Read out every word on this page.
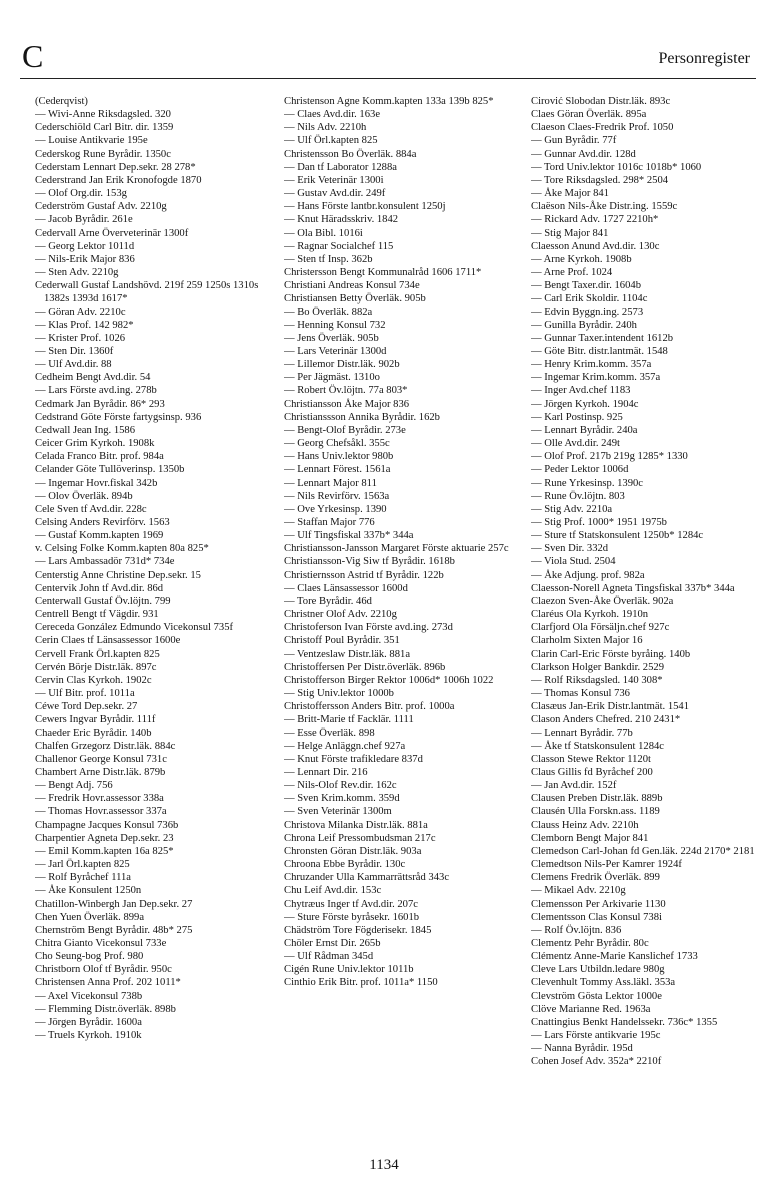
C	Personregister
(Cederqvist)
— Wivi-Anne Riksdagsled. 320
Cederschiöld Carl Bitr. dir. 1359
— Louise Antikvarie 195e
Cederskog Rune Byrådir. 1350c
Cederstam Lennart Dep.sekr. 28 278*
Cederstrand Jan Erik Kronofogde 1870
— Olof Org.dir. 153g
Cederström Gustaf Adv. 2210g
— Jacob Byrådir. 261e
Cedervall Arne Överveterinär 1300f
— Georg Lektor 1011d
— Nils-Erik Major 836
— Sten Adv. 2210g
Cederwall Gustaf Landshövd. 219f 259 1250s 1310s 1382s 1393d 1617*
— Göran Adv. 2210c
— Klas Prof. 142 982*
— Krister Prof. 1026
— Sten Dir. 1360f
— Ulf Avd.dir. 88
Cedheim Bengt Avd.dir. 54
— Lars Förste avd.ing. 278b
Cedmark Jan Byrådir. 86* 293
Cedstrand Göte Förste fartygsinsp. 936
Cedwall Jean Ing. 1586
Ceicer Grim Kyrkoh. 1908k
Celada Franco Bitr. prof. 984a
Celander Göte Tullöverinsp. 1350b
— Ingemar Hovr.fiskal 342b
— Olov Överläk. 894b
Cele Sven tf Avd.dir. 228c
Celsing Anders Revirförv. 1563
— Gustaf Komm.kapten 1969
v. Celsing Folke Komm.kapten 80a 825*
— Lars Ambassadör 731d* 734e
Centerstig Anne Christine Dep.sekr. 15
Centervik John tf Avd.dir. 86d
Centerwall Gustaf Öv.löjtn. 799
Centrell Bengt tf Vägdir. 931
Cereceda González Edmundo Vicekonsul 735f
Cerin Claes tf Länsassessor 1600e
Cervell Frank Örl.kapten 825
Cervén Börje Distr.läk. 897c
Cervin Clas Kyrkoh. 1902c
— Ulf Bitr. prof. 1011a
Céwe Tord Dep.sekr. 27
Cewers Ingvar Byrådir. 111f
Chaeder Eric Byrådir. 140b
Chalfen Grzegorz Distr.läk. 884c
Challenor George Konsul 731c
Chambert Arne Distr.läk. 879b
— Bengt Adj. 756
— Fredrik Hovr.assessor 338a
— Thomas Hovr.assessor 337a
Champagne Jacques Konsul 736b
Charpentier Agneta Dep.sekr. 23
— Emil Komm.kapten 16a 825*
— Jarl Örl.kapten 825
— Rolf Byråchef 111a
— Åke Konsulent 1250n
Chatillon-Winbergh Jan Dep.sekr. 27
Chen Yuen Överläk. 899a
Chernström Bengt Byrådir. 48b* 275
Chitra Gianto Vicekonsul 733e
Cho Seung-bog Prof. 980
Christborn Olof tf Byrådir. 950c
Christensen Anna Prof. 202 1011*
— Axel Vicekonsul 738b
— Flemming Distr.överläk. 898b
— Jörgen Byrådir. 1600a
— Truels Kyrkoh. 1910k
Christenson Agne Komm.kapten 133a 139b 825*
— Claes Avd.dir. 163e
— Nils Adv. 2210h
— Ulf Örl.kapten 825
Christensson Bo Överläk. 884a
— Dan tf Laborator 1288a
— Erik Veterinär 1300i
— Gustav Avd.dir. 249f
— Hans Förste lantbr.konsulent 1250j
— Knut Häradsskriv. 1842
— Ola Bibl. 1016i
— Ragnar Socialchef 115
— Sten tf Insp. 362b
Christersson Bengt Kommunalråd 1606 1711*
Christiani Andreas Konsul 734e
Christiansen Betty Överläk. 905b
— Bo Överläk. 882a
— Henning Konsul 732
— Jens Överläk. 905b
— Lars Veterinär 1300d
— Lillemor Distr.läk. 902b
— Per Jägmäst. 1310o
— Robert Öv.löjtn. 77a 803*
Christiansson Åke Major 836
Christianssson Annika Byrådir. 162b
— Bengt-Olof Byrådir. 273e
— Georg Chefsåkl. 355c
— Hans Univ.lektor 980b
— Lennart Förest. 1561a
— Lennart Major 811
— Nils Revirförv. 1563a
— Ove Yrkesinsp. 1390
— Staffan Major 776
— Ulf Tingsfiskal 337b* 344a
Christiansson-Jansson Margaret Förste aktuarie 257c
Christiansson-Vig Siw tf Byrådir. 1618b
Christiernsson Astrid tf Byrådir. 122b
— Claes Länsassessor 1600d
— Tore Byrådir. 46d
Christner Olof Adv. 2210g
Christoferson Ivan Förste avd.ing. 273d
Christoff Poul Byrådir. 351
— Ventzeslaw Distr.läk. 881a
Christoffersen Per Distr.överläk. 896b
Christofferson Birger Rektor 1006d* 1006h 1022
— Stig Univ.lektor 1000b
Christoffersson Anders Bitr. prof. 1000a
— Britt-Marie tf Facklär. 1111
— Esse Överläk. 898
— Helge Anläggn.chef 927a
— Knut Förste trafikledare 837d
— Lennart Dir. 216
— Nils-Olof Rev.dir. 162c
— Sven Krim.komm. 359d
— Sven Veterinär 1300m
Christova Milanka Distr.läk. 881a
Chrona Leif Pressombudsman 217c
Chronsten Göran Distr.läk. 903a
Chroona Ebbe Byrådir. 130c
Chruzander Ulla Kammarrättsråd 343c
Chu Leif Avd.dir. 153c
Chytræus Inger tf Avd.dir. 207c
— Sture Förste byråsekr. 1601b
Chädström Tore Fögderisekr. 1845
Chöler Ernst Dir. 265b
— Ulf Rådman 345d
Cigén Rune Univ.lektor 1011b
Cinthio Erik Bitr. prof. 1011a* 1150
Cirović Slobodan Distr.läk. 893c
Claes Göran Överläk. 895a
Claeson Claes-Fredrik Prof. 1050
— Gun Byrådir. 77f
— Gunnar Avd.dir. 128d
— Tord Univ.lektor 1016c 1018b* 1060
— Tore Riksdagsled. 298* 2504
— Åke Major 841
Claëson Nils-Åke Distr.ing. 1559c
— Rickard Adv. 1727 2210h*
— Stig Major 841
Claesson Anund Avd.dir. 130c
— Arne Kyrkoh. 1908b
— Arne Prof. 1024
— Bengt Taxer.dir. 1604b
— Carl Erik Skoldir. 1104c
— Edvin Byggn.ing. 2573
— Gunilla Byrådir. 240h
— Gunnar Taxer.intendent 1612b
— Göte Bitr. distr.lantmät. 1548
— Henry Krim.komm. 357a
— Ingemar Krim.komm. 357a
— Inger Avd.chef 1183
— Jörgen Kyrkoh. 1904c
— Karl Postinsp. 925
— Lennart Byrådir. 240a
— Olle Avd.dir. 249t
— Olof Prof. 217b 219g 1285* 1330
— Peder Lektor 1006d
— Rune Yrkesinsp. 1390c
— Rune Öv.löjtn. 803
— Stig Adv. 2210a
— Stig Prof. 1000* 1951 1975b
— Sture tf Statskonsulent 1250b* 1284c
— Sven Dir. 332d
— Viola Stud. 2504
— Åke Adjung. prof. 982a
Claesson-Norell Agneta Tingsfiskal 337b* 344a
Claezon Sven-Åke Överläk. 902a
Claréus Ola Kyrkoh. 1910n
Clarfjord Ola Försäljn.chef 927c
Clarholm Sixten Major 16
Clarin Carl-Eric Förste byråing. 140b
Clarkson Holger Bankdir. 2529
— Rolf Riksdagsled. 140 308*
— Thomas Konsul 736
Clasæus Jan-Erik Distr.lantmät. 1541
Clason Anders Chefred. 210 2431*
— Lennart Byrådir. 77b
— Åke tf Statskonsulent 1284c
Classon Stewe Rektor 1120t
Claus Gillis fd Byråchef 200
— Jan Avd.dir. 152f
Clausen Preben Distr.läk. 889b
Clausén Ulla Forskn.ass. 1189
Clauss Heinz Adv. 2210h
Clemborn Bengt Major 841
Clemedson Carl-Johan fd Gen.läk. 224d 2170* 2181
Clemedtson Nils-Per Kamrer 1924f
Clemens Fredrik Överläk. 899
— Mikael Adv. 2210g
Clemensson Per Arkivarie 1130
Clementsson Clas Konsul 738i
— Rolf Öv.löjtn. 836
Clementz Pehr Byrådir. 80c
Clémentz Anne-Marie Kanslichef 1733
Cleve Lars Utbildn.ledare 980g
Clevenhult Tommy Ass.läkl. 353a
Clevström Gösta Lektor 1000e
Clöve Marianne Red. 1963a
Cnattingius Benkt Handelssekr. 736c* 1355
— Lars Förste antikvarie 195c
— Nanna Byrådir. 195d
Cohen Josef Adv. 352a* 2210f
1134
